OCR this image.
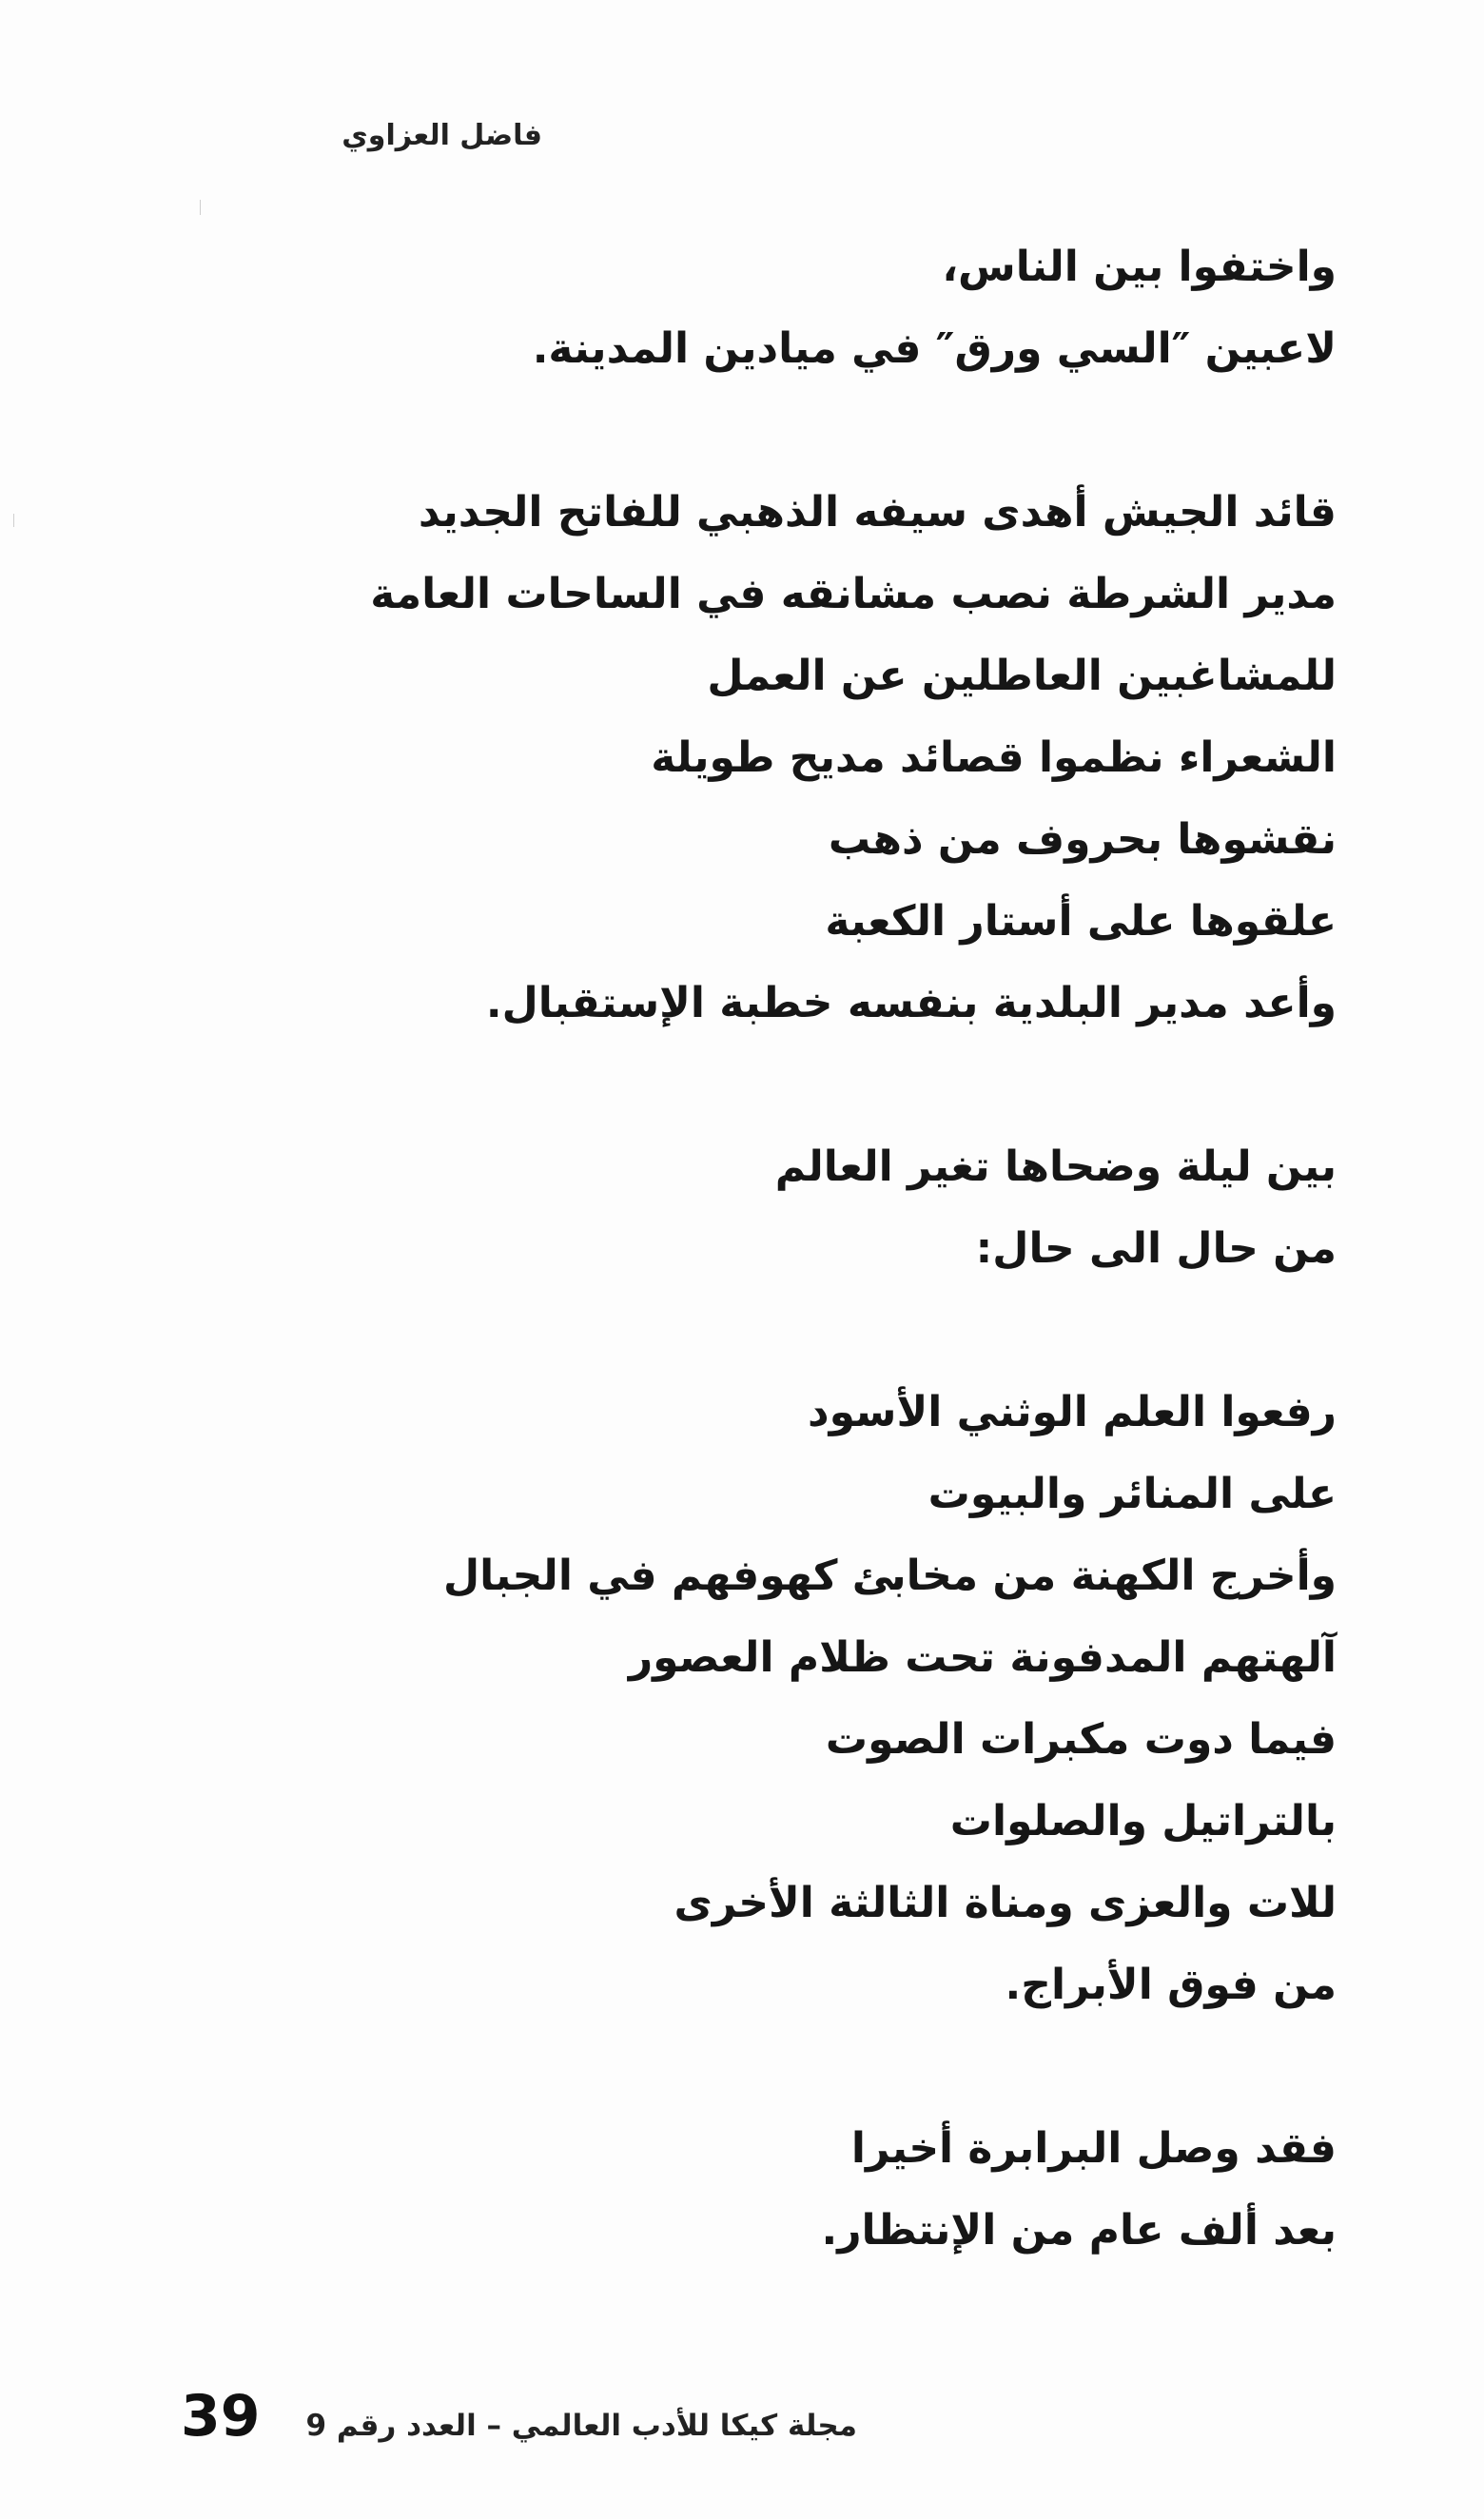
فاضل العزاوي
واختفوا بين الناس،
لاعبين ″السي ورق″ في ميادين المدينة.
قائد الجيش أهدى سيفه الذهبي للفاتح الجديد
مدير الشرطة نصب مشانقه في الساحات العامة
للمشاغبين العاطلين عن العمل
الشعراء نظموا قصائد مديح طويلة
نقشوها بحروف من ذهب
علقوها على أستار الكعبة
وأعد مدير البلدية بنفسه خطبة الإستقبال.
بين ليلة وضحاها تغير العالم
من حال الى حال:
رفعوا العلم الوثني الأسود
على المنائر والبيوت
وأخرج الكهنة من مخابئ كهوفهم في الجبال
آلهتهم المدفونة تحت ظلام العصور
فيما دوت مكبرات الصوت
بالتراتيل والصلوات
للات والعزى ومناة الثالثة الأخرى
من فوق الأبراج.
فقد وصل البرابرة أخيرا
بعد ألف عام من الإنتظار.
39 مجلة كيكا للأدب العالمي – العدد رقم 9
